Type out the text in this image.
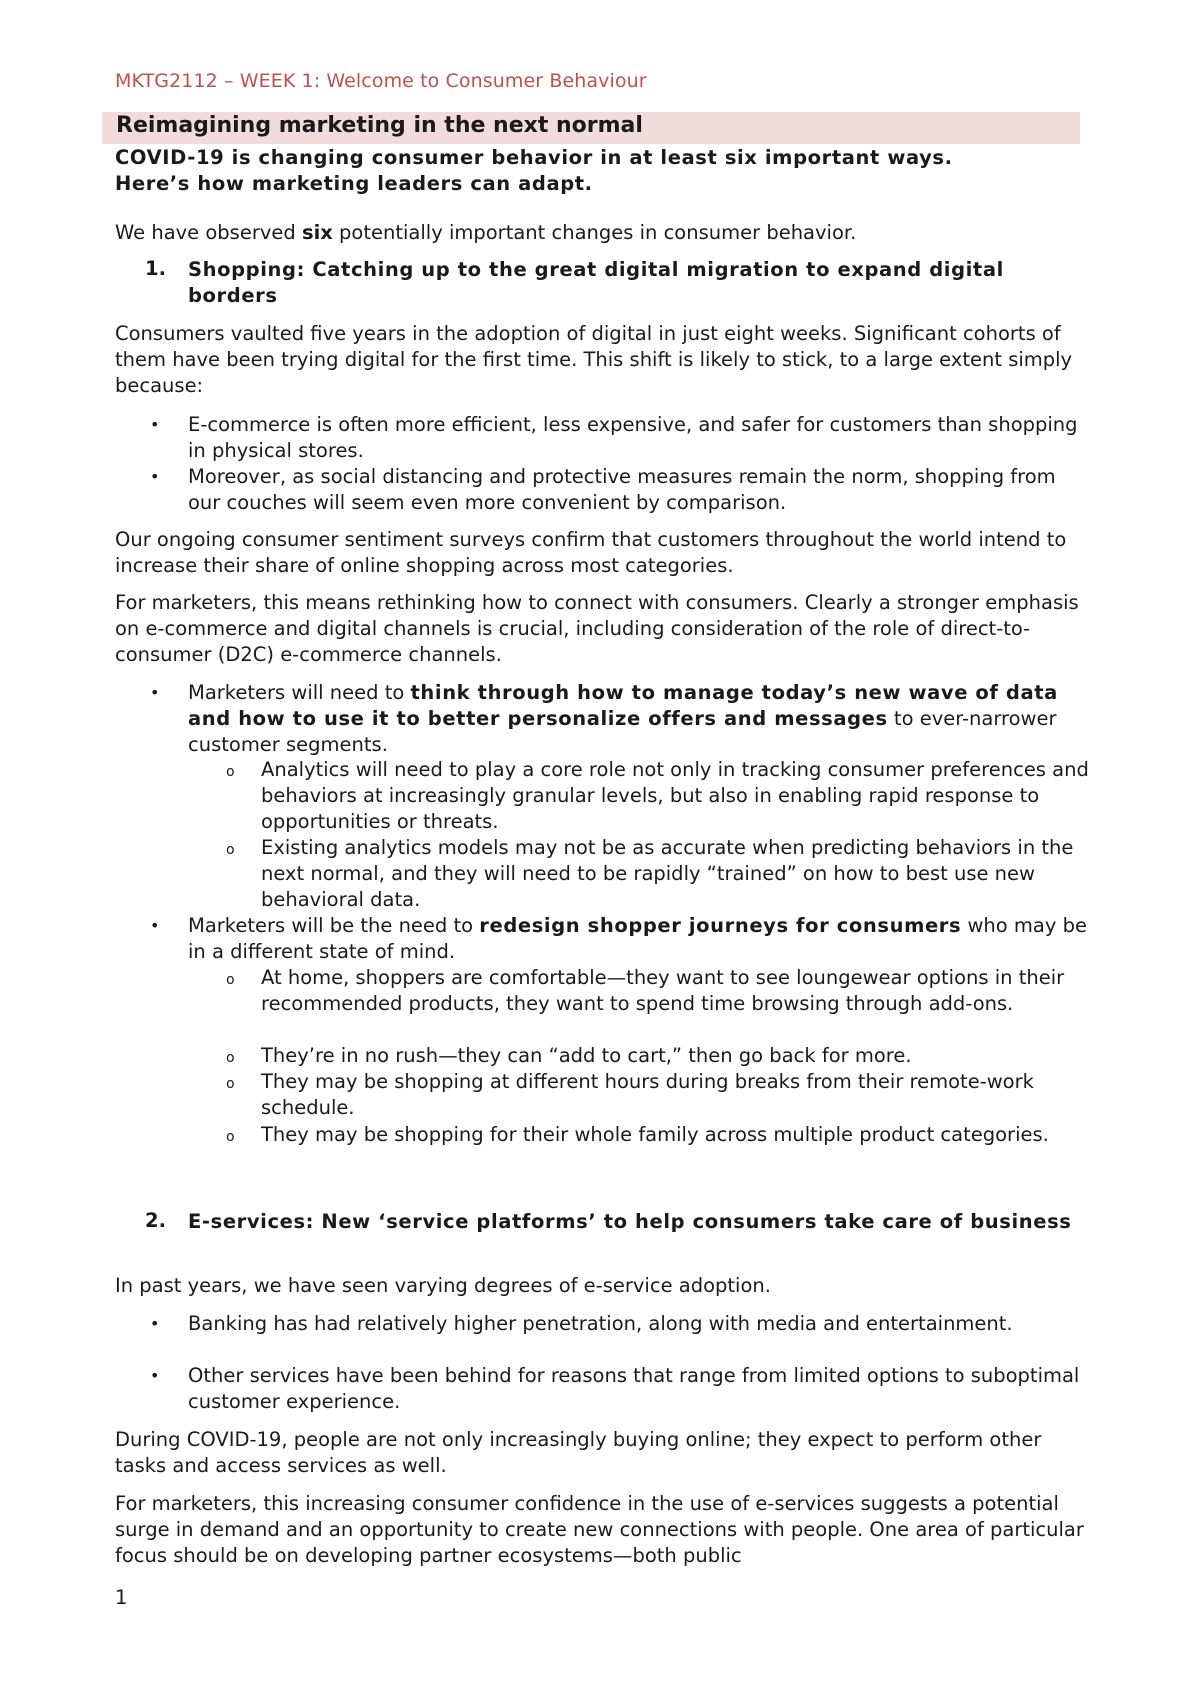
MKTG2112 – WEEK 1: Welcome to Consumer Behaviour
Reimagining marketing in the next normal
COVID-19 is changing consumer behavior in at least six important ways.
Here’s how marketing leaders can adapt.
We have observed six potentially important changes in consumer behavior.
1. Shopping: Catching up to the great digital migration to expand digital borders
Consumers vaulted five years in the adoption of digital in just eight weeks. Significant cohorts of them have been trying digital for the first time. This shift is likely to stick, to a large extent simply because:
• E-commerce is often more efficient, less expensive, and safer for customers than shopping in physical stores.
• Moreover, as social distancing and protective measures remain the norm, shopping from our couches will seem even more convenient by comparison.
Our ongoing consumer sentiment surveys confirm that customers throughout the world intend to increase their share of online shopping across most categories.
For marketers, this means rethinking how to connect with consumers. Clearly a stronger emphasis on e-commerce and digital channels is crucial, including consideration of the role of direct-to-consumer (D2C) e-commerce channels.
• Marketers will need to think through how to manage today’s new wave of data and how to use it to better personalize offers and messages to ever-narrower customer segments.
o Analytics will need to play a core role not only in tracking consumer preferences and behaviors at increasingly granular levels, but also in enabling rapid response to opportunities or threats.
o Existing analytics models may not be as accurate when predicting behaviors in the next normal, and they will need to be rapidly “trained” on how to best use new behavioral data.
• Marketers will be the need to redesign shopper journeys for consumers who may be in a different state of mind.
o At home, shoppers are comfortable—they want to see loungewear options in their recommended products, they want to spend time browsing through add-ons.
o They’re in no rush—they can “add to cart,” then go back for more.
o They may be shopping at different hours during breaks from their remote-work schedule.
o They may be shopping for their whole family across multiple product categories.
2. E-services: New ‘service platforms’ to help consumers take care of business
In past years, we have seen varying degrees of e-service adoption.
• Banking has had relatively higher penetration, along with media and entertainment.
• Other services have been behind for reasons that range from limited options to suboptimal customer experience.
During COVID-19, people are not only increasingly buying online; they expect to perform other tasks and access services as well.
For marketers, this increasing consumer confidence in the use of e-services suggests a potential surge in demand and an opportunity to create new connections with people. One area of particular focus should be on developing partner ecosystems—both public
1
